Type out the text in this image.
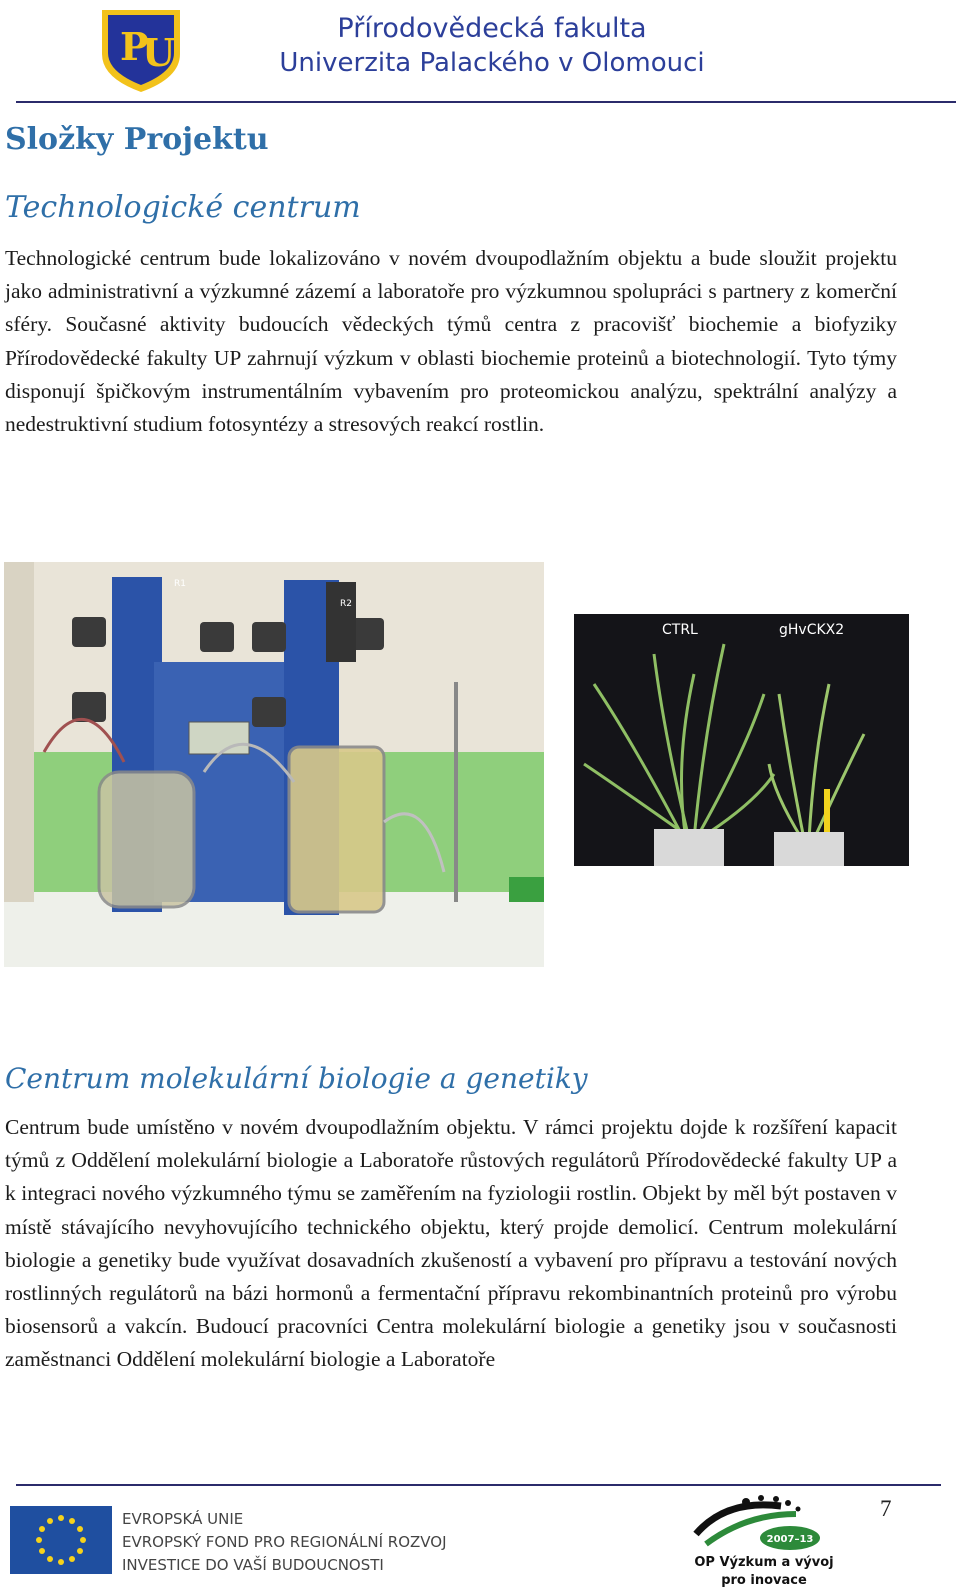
P
U
Přírodovědecká fakulta
Univerzita Palackého v Olomouci
Složky Projektu
Technologické centrum
Technologické centrum bude lokalizováno v novém dvoupodlažním objektu a bude sloužit projektu jako administrativní a výzkumné zázemí a laboratoře pro výzkumnou spolupráci s partnery z komerční sféry. Současné aktivity budoucích vědeckých týmů centra z pracovišť biochemie a biofyziky Přírodovědecké fakulty UP zahrnují výzkum v oblasti biochemie proteinů a biotechnologií. Tyto týmy disponují špičkovým instrumentálním vybavením pro proteomickou analýzu, spektrální analýzy a nedestruktivní studium fotosyntézy a stresových reakcí rostlin.
R1
R2
CTRL	gHvCKX2
Centrum molekulární biologie a genetiky
Centrum bude umístěno v novém dvoupodlažním objektu. V rámci projektu dojde k rozšíření kapacit týmů z Oddělení molekulární biologie a Laboratoře růstových regulátorů Přírodovědecké fakulty UP a k integraci nového výzkumného týmu se zaměřením na fyziologii rostlin. Objekt by měl být postaven v místě stávajícího nevyhovujícího technického objektu, který projde demolicí. Centrum molekulární biologie a genetiky bude využívat dosavadních zkušeností a vybavení pro přípravu a testování nových rostlinných regulátorů na bázi hormonů a fermentační přípravu rekombinantních proteinů pro výrobu biosensorů a vakcín. Budoucí pracovníci Centra molekulární biologie a genetiky jsou v současnosti zaměstnanci Oddělení molekulární biologie a Laboratoře
EVROPSKÁ UNIE
EVROPSKÝ FOND PRO REGIONÁLNÍ ROZVOJ
INVESTICE DO VAŠÍ BUDOUCNOSTI
2007–13
OP Výzkum a vývoj
pro inovace
7
